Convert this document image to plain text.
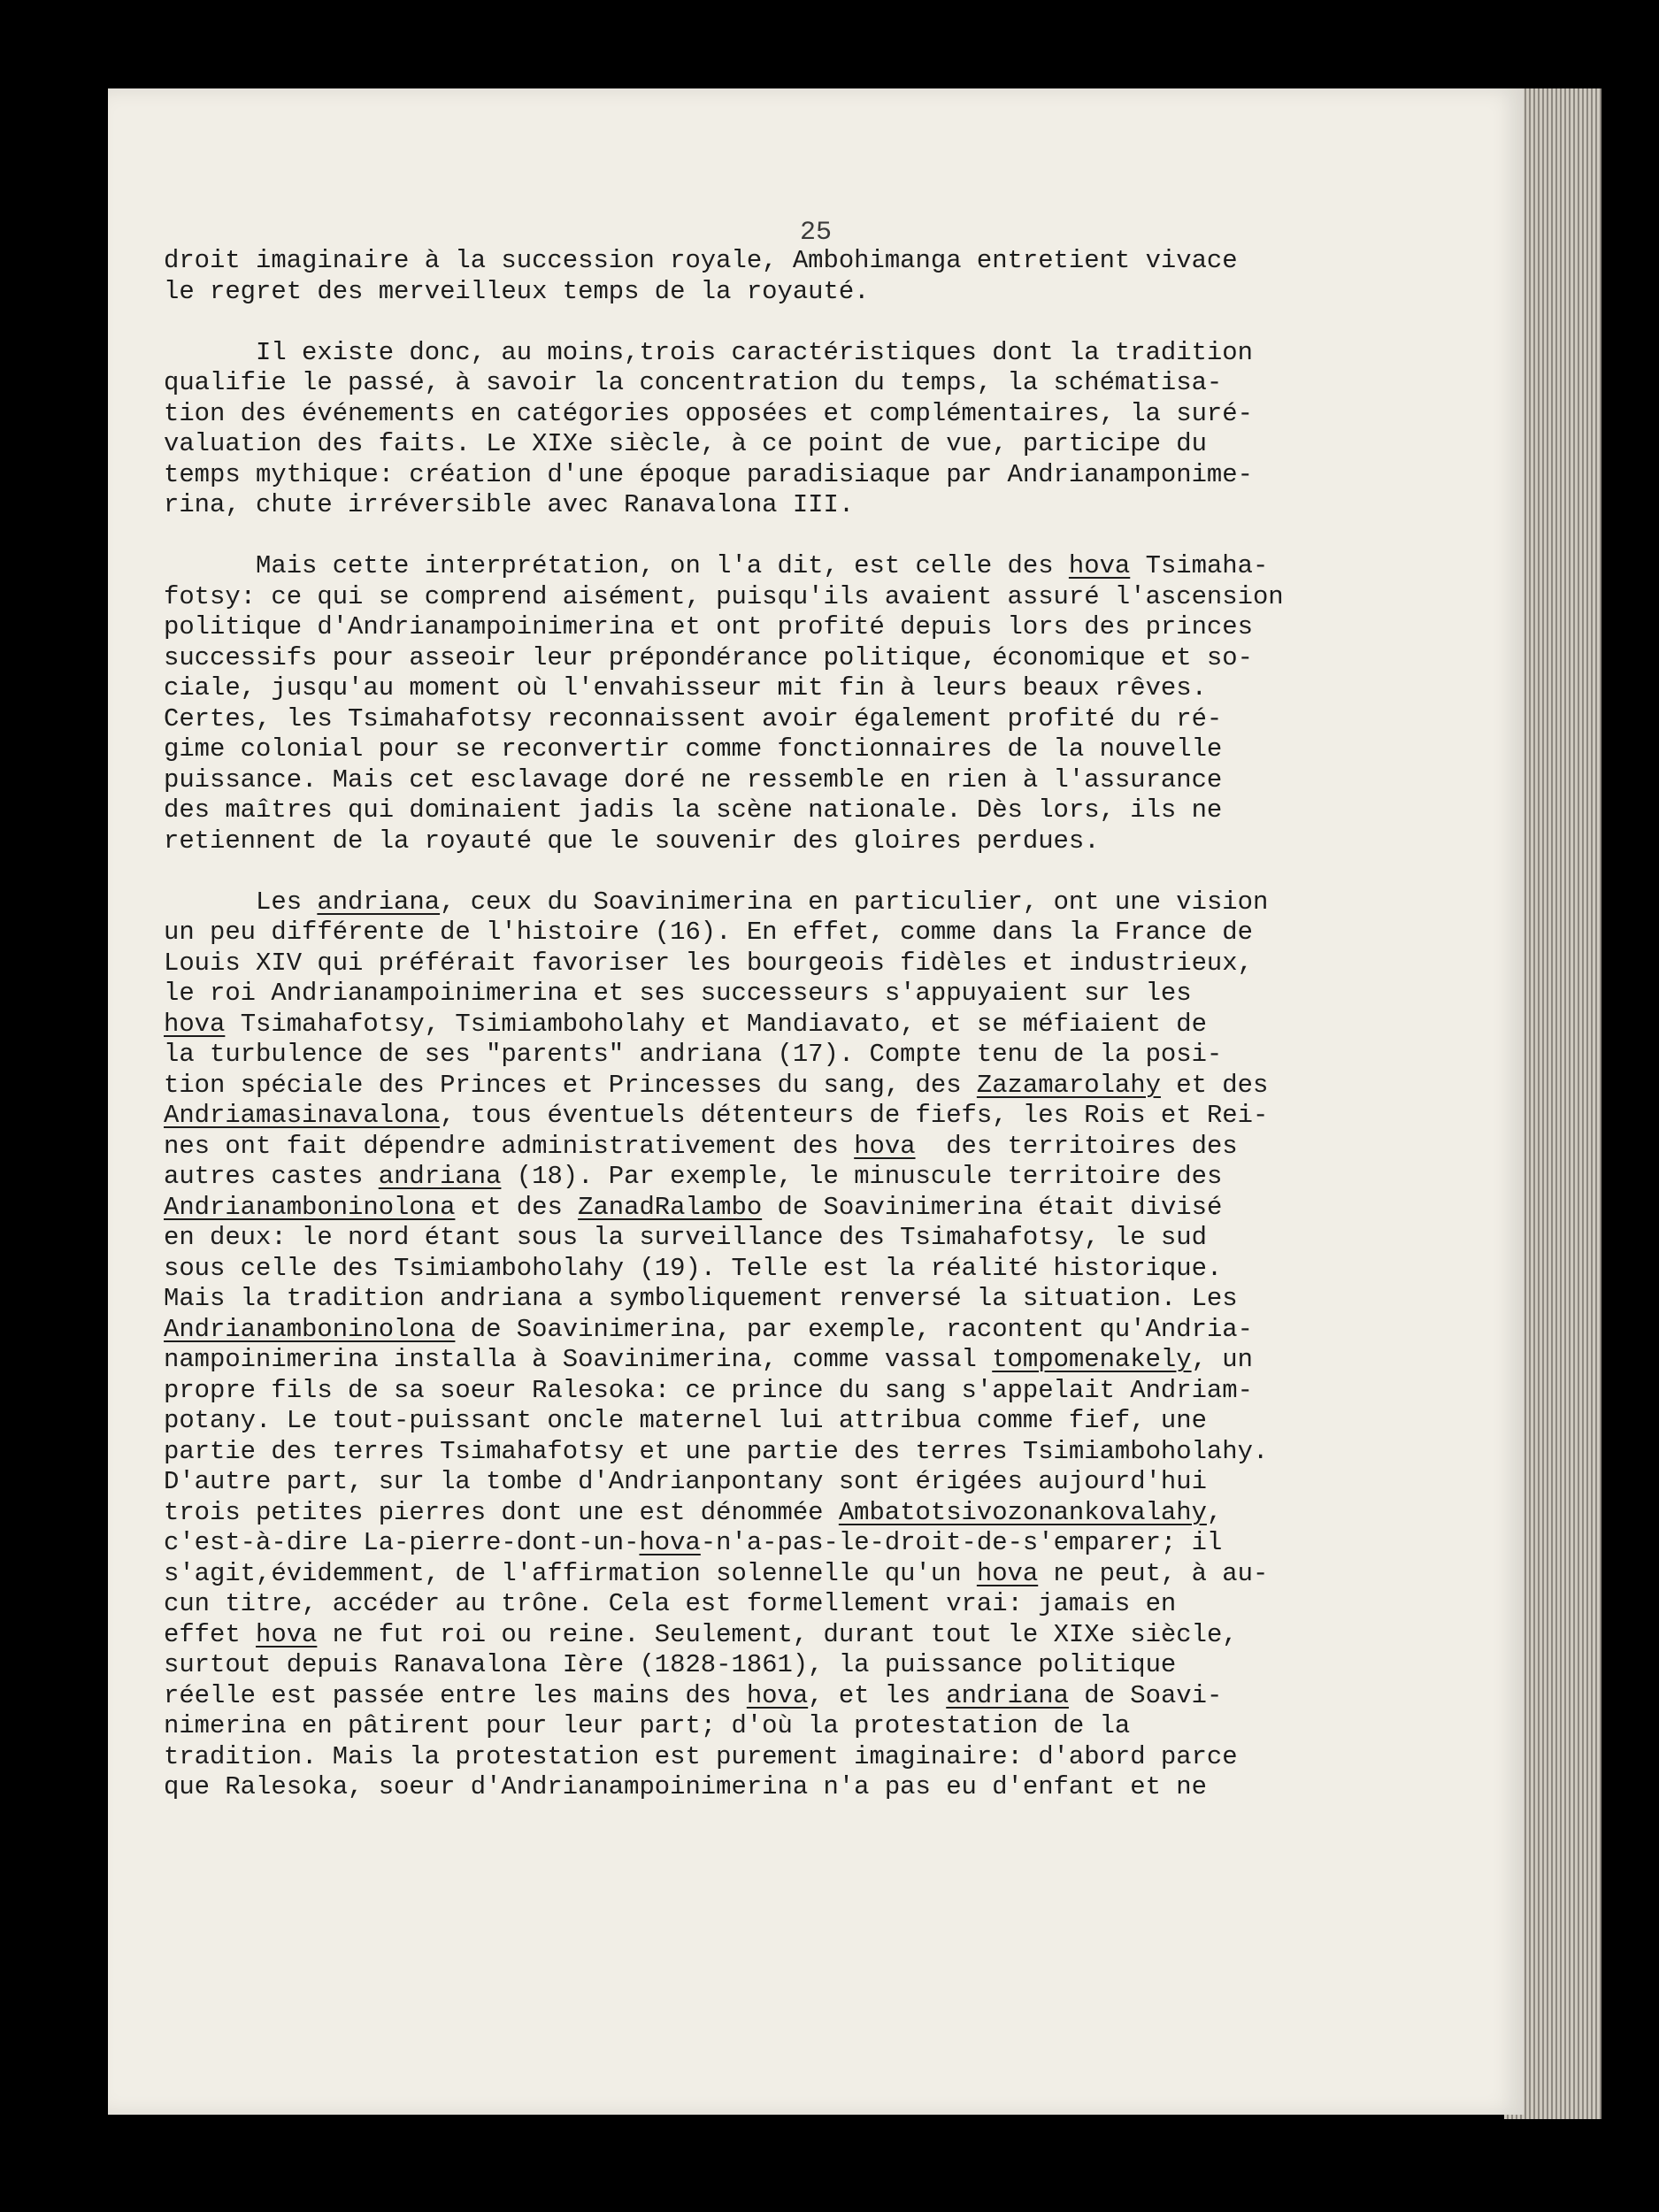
25
droit imaginaire à la succession royale, Ambohimanga entretient vivace
le regret des merveilleux temps de la royauté.
Il existe donc, au moins,trois caractéristiques dont la tradition
qualifie le passé, à savoir la concentration du temps, la schématisa-
tion des événements en catégories opposées et complémentaires, la suré-
valuation des faits. Le XIXe siècle, à ce point de vue, participe du
temps mythique: création d'une époque paradisiaque par Andrianamponime-
rina, chute irréversible avec Ranavalona III.
Mais cette interprétation, on l'a dit, est celle des hova Tsimaha-
fotsy: ce qui se comprend aisément, puisqu'ils avaient assuré l'ascension
politique d'Andrianampoinimerina et ont profité depuis lors des princes
successifs pour asseoir leur prépondérance politique, économique et so-
ciale, jusqu'au moment où l'envahisseur mit fin à leurs beaux rêves.
Certes, les Tsimahafotsy reconnaissent avoir également profité du ré-
gime colonial pour se reconvertir comme fonctionnaires de la nouvelle
puissance. Mais cet esclavage doré ne ressemble en rien à l'assurance
des maîtres qui dominaient jadis la scène nationale. Dès lors, ils ne
retiennent de la royauté que le souvenir des gloires perdues.
Les andriana, ceux du Soavinimerina en particulier, ont une vision
un peu différente de l'histoire (16). En effet, comme dans la France de
Louis XIV qui préférait favoriser les bourgeois fidèles et industrieux,
le roi Andrianampoinimerina et ses successeurs s'appuyaient sur les
hova Tsimahafotsy, Tsimiamboholahy et Mandiavato, et se méfiaient de
la turbulence de ses "parents" andriana (17). Compte tenu de la posi-
tion spéciale des Princes et Princesses du sang, des Zazamarolahy et des
Andriamasinavalona, tous éventuels détenteurs de fiefs, les Rois et Rei-
nes ont fait dépendre administrativement des hova  des territoires des
autres castes andriana (18). Par exemple, le minuscule territoire des
Andrianamboninolona et des ZanadRalambo de Soavinimerina était divisé
en deux: le nord étant sous la surveillance des Tsimahafotsy, le sud
sous celle des Tsimiamboholahy (19). Telle est la réalité historique.
Mais la tradition andriana a symboliquement renversé la situation. Les
Andrianamboninolona de Soavinimerina, par exemple, racontent qu'Andria-
nampoinimerina installa à Soavinimerina, comme vassal tompomenakely, un
propre fils de sa soeur Ralesoka: ce prince du sang s'appelait Andriam-
potany. Le tout-puissant oncle maternel lui attribua comme fief, une
partie des terres Tsimahafotsy et une partie des terres Tsimiamboholahy.
D'autre part, sur la tombe d'Andrianpontany sont érigées aujourd'hui
trois petites pierres dont une est dénommée Ambatotsivozonankovalahy,
c'est-à-dire La-pierre-dont-un-hova-n'a-pas-le-droit-de-s'emparer; il
s'agit,évidemment, de l'affirmation solennelle qu'un hova ne peut, à au-
cun titre, accéder au trône. Cela est formellement vrai: jamais en
effet hova ne fut roi ou reine. Seulement, durant tout le XIXe siècle,
surtout depuis Ranavalona Ière (1828-1861), la puissance politique
réelle est passée entre les mains des hova, et les andriana de Soavi-
nimerina en pâtirent pour leur part; d'où la protestation de la
tradition. Mais la protestation est purement imaginaire: d'abord parce
que Ralesoka, soeur d'Andrianampoinimerina n'a pas eu d'enfant et ne
